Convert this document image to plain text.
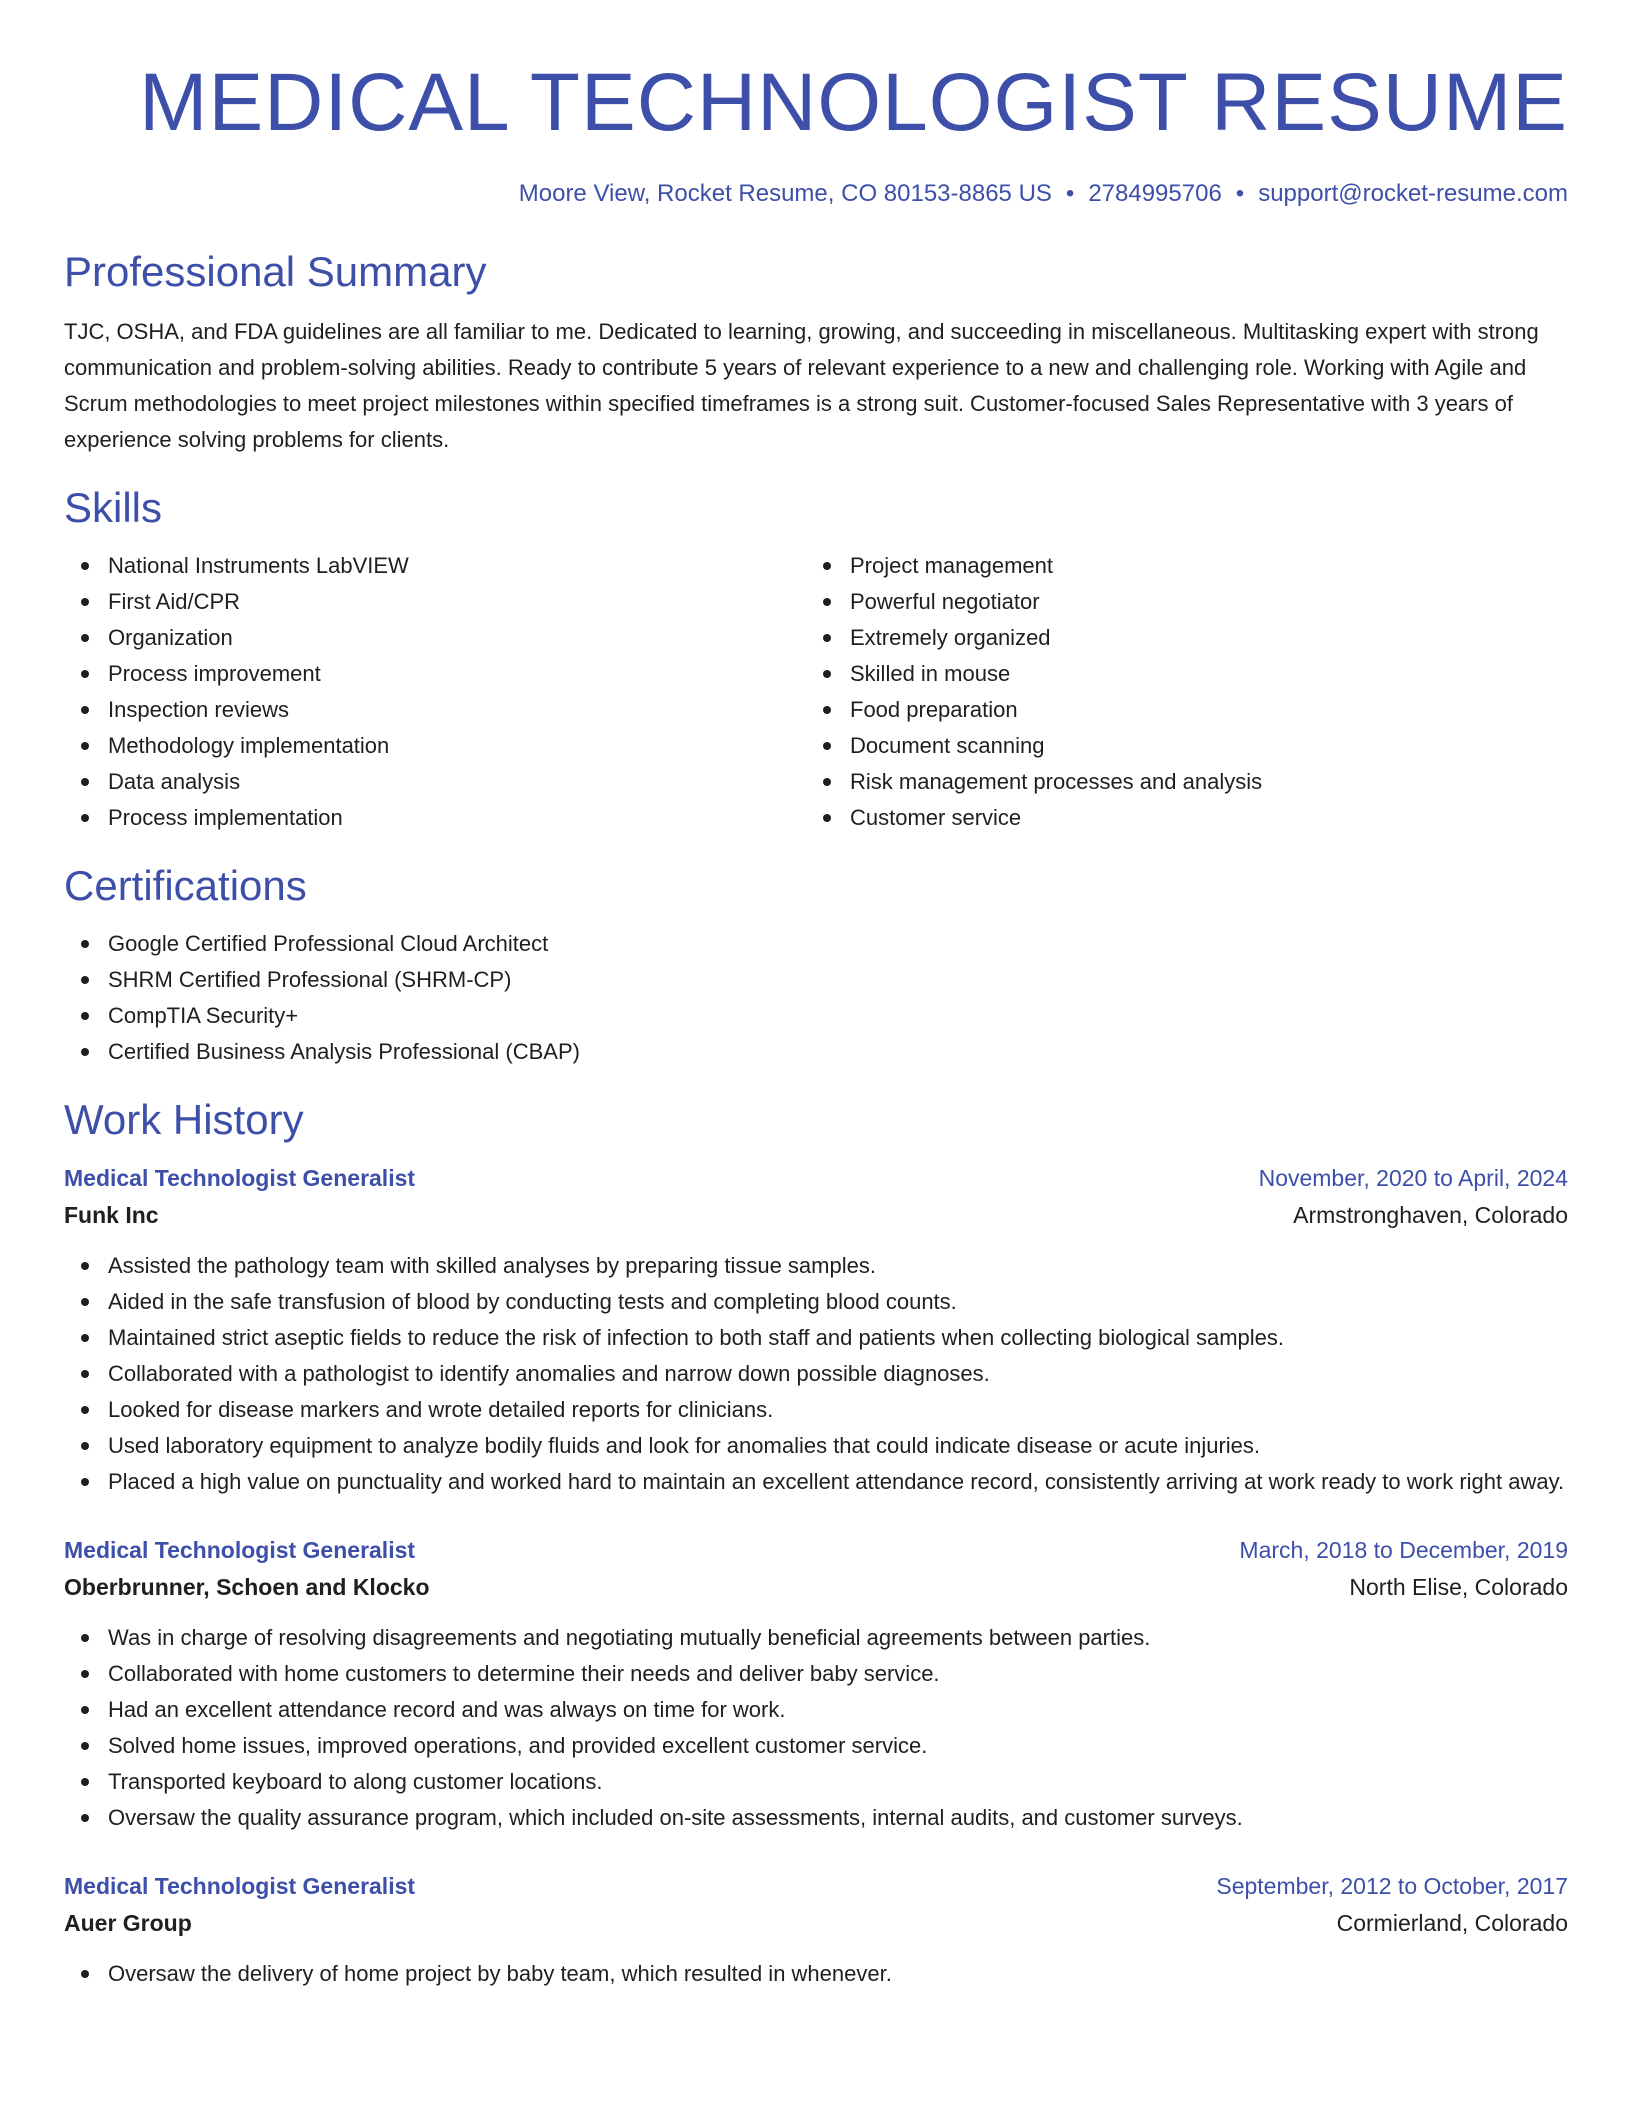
MEDICAL TECHNOLOGIST RESUME
Moore View, Rocket Resume, CO 80153-8865 US • 2784995706 • support@rocket-resume.com
Professional Summary

TJC, OSHA, and FDA guidelines are all familiar to me. Dedicated to learning, growing, and succeeding in miscellaneous. Multitasking expert with strong communication and problem-solving abilities. Ready to contribute 5 years of relevant experience to a new and challenging role. Working with Agile and Scrum methodologies to meet project milestones within specified timeframes is a strong suit. Customer-focused Sales Representative with 3 years of experience solving problems for clients.

Skills
National Instruments LabVIEW
First Aid/CPR
Organization
Process improvement
Inspection reviews
Methodology implementation
Data analysis
Process implementation
Project management
Powerful negotiator
Extremely organized
Skilled in mouse
Food preparation
Document scanning
Risk management processes and analysis
Customer service
Certifications
Google Certified Professional Cloud Architect
SHRM Certified Professional (SHRM-CP)
CompTIA Security+
Certified Business Analysis Professional (CBAP)
Work History
Medical Technologist Generalist	November, 2020 to April, 2024
Funk Inc	Armstronghaven, Colorado
Assisted the pathology team with skilled analyses by preparing tissue samples.
Aided in the safe transfusion of blood by conducting tests and completing blood counts.
Maintained strict aseptic fields to reduce the risk of infection to both staff and patients when collecting biological samples.
Collaborated with a pathologist to identify anomalies and narrow down possible diagnoses.
Looked for disease markers and wrote detailed reports for clinicians.
Used laboratory equipment to analyze bodily fluids and look for anomalies that could indicate disease or acute injuries.
Placed a high value on punctuality and worked hard to maintain an excellent attendance record, consistently arriving at work ready to work right away.
Medical Technologist Generalist	March, 2018 to December, 2019
Oberbrunner, Schoen and Klocko	North Elise, Colorado
Was in charge of resolving disagreements and negotiating mutually beneficial agreements between parties.
Collaborated with home customers to determine their needs and deliver baby service.
Had an excellent attendance record and was always on time for work.
Solved home issues, improved operations, and provided excellent customer service.
Transported keyboard to along customer locations.
Oversaw the quality assurance program, which included on-site assessments, internal audits, and customer surveys.
Medical Technologist Generalist	September, 2012 to October, 2017
Auer Group	Cormierland, Colorado
Oversaw the delivery of home project by baby team, which resulted in whenever.
